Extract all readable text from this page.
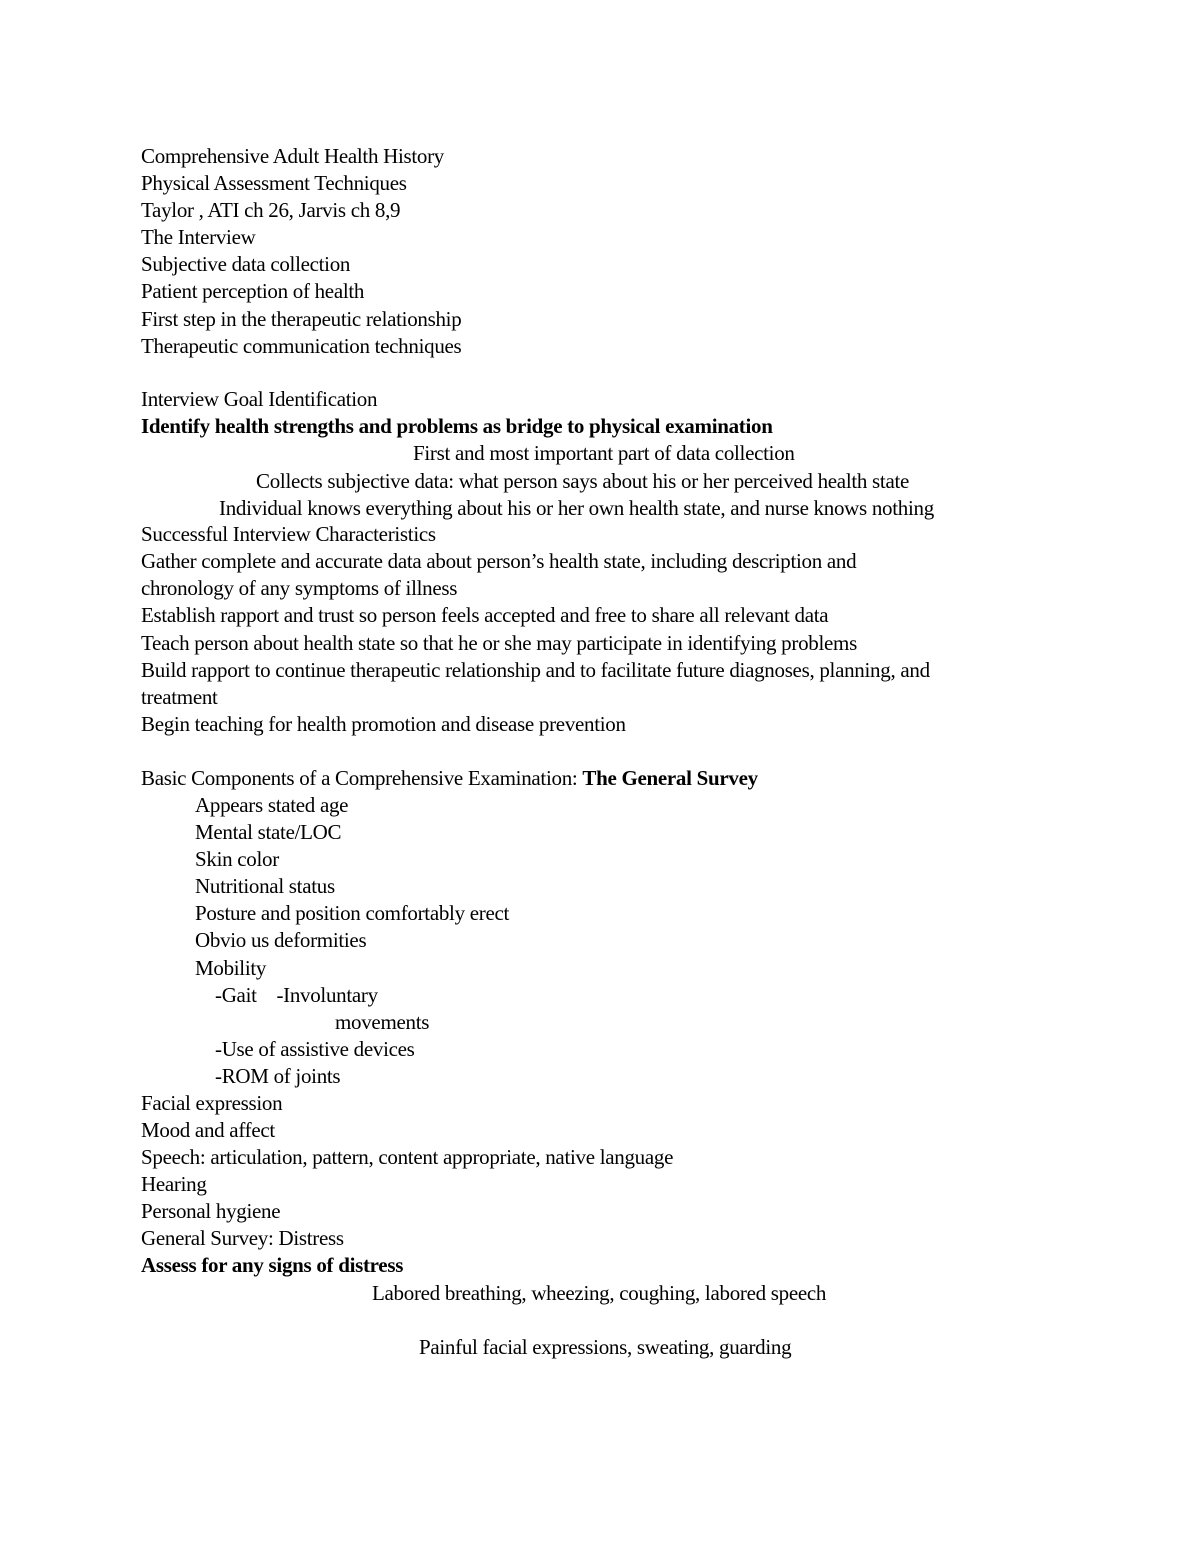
Comprehensive Adult Health History
Physical Assessment Techniques
Taylor , ATI ch 26, Jarvis ch 8,9
The Interview
Subjective data collection
Patient perception of health
First step in the therapeutic relationship
Therapeutic communication techniques
Interview Goal Identification
Identify health strengths and problems as bridge to physical examination
First and most important part of data collection
Collects subjective data: what person says about his or her perceived health state
Individual knows everything about his or her own health state, and nurse knows nothing
Successful Interview Characteristics
Gather complete and accurate data about person’s health state, including description and
chronology of any symptoms of illness
Establish rapport and trust so person feels accepted and free to share all relevant data
Teach person about health state so that he or she may participate in identifying problems
Build rapport to continue therapeutic relationship and to facilitate future diagnoses, planning, and
treatment
Begin teaching for health promotion and disease prevention
Basic Components of a Comprehensive Examination: The General Survey
Appears stated age
Mental state/LOC
Skin color
Nutritional status
Posture and position comfortably erect
Obvio us deformities
Mobility
-Gait    -Involuntary
movements
-Use of assistive devices
-ROM of joints
Facial expression
Mood and affect
Speech: articulation, pattern, content appropriate, native language
Hearing
Personal hygiene
General Survey: Distress
Assess for any signs of distress
Labored breathing, wheezing, coughing, labored speech
Painful facial expressions, sweating, guarding
